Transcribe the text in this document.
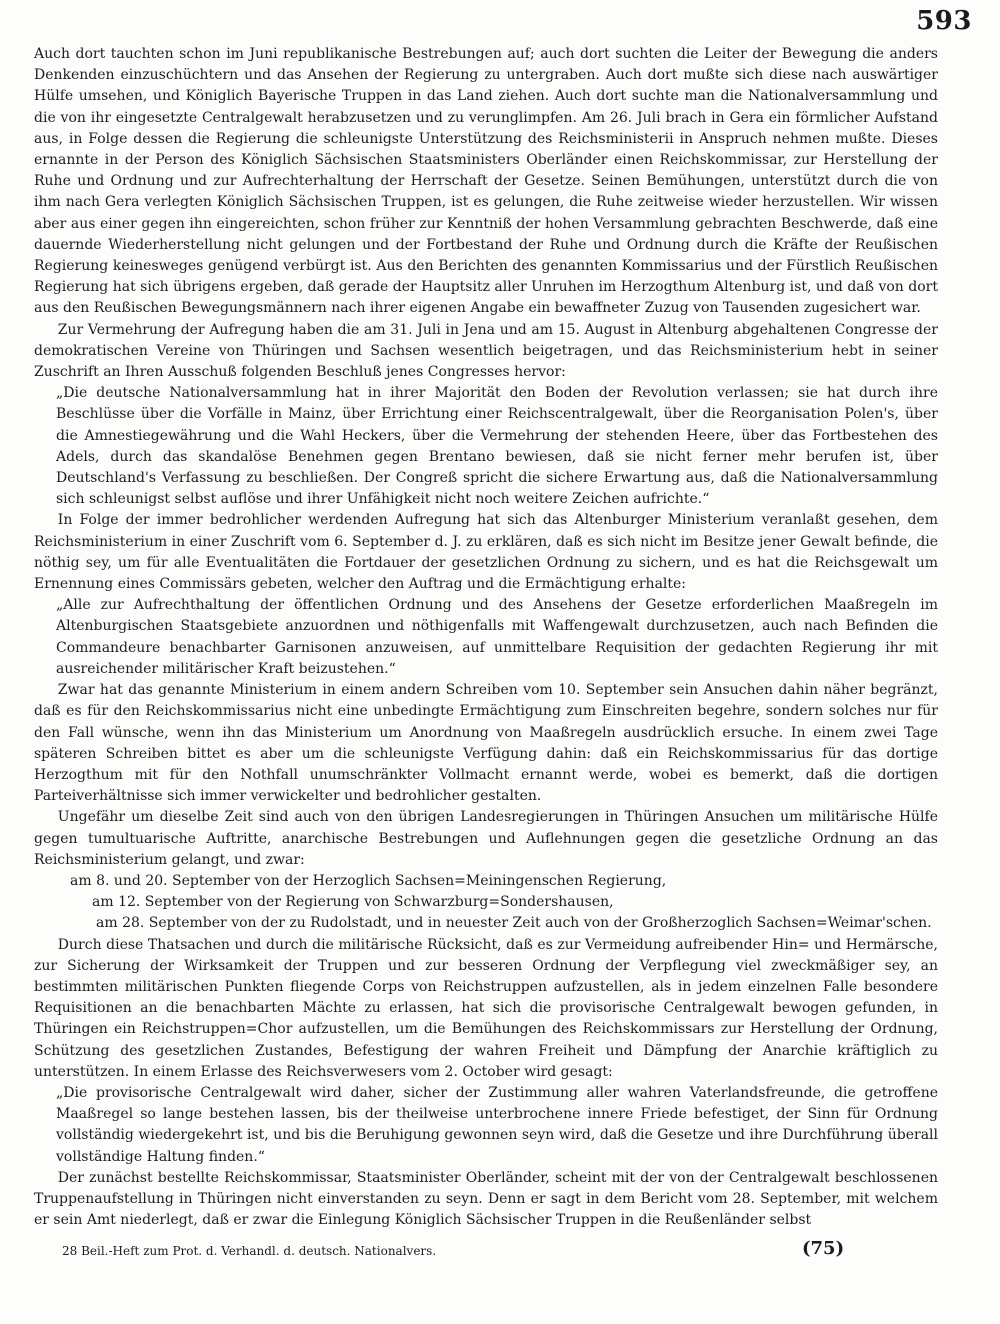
593

Auch dort tauchten schon im Juni republikanische Bestrebungen auf; auch dort suchten die Leiter der Bewegung die anders Denkenden einzuschüchtern und das Ansehen der Regierung zu untergraben. Auch dort mußte sich diese nach auswärtiger Hülfe umsehen, und Königlich Bayerische Truppen in das Land ziehen. Auch dort suchte man die Nationalversammlung und die von ihr eingesetzte Centralgewalt herabzusetzen und zu verunglimpfen. Am 26. Juli brach in Gera ein förmlicher Aufstand aus, in Folge dessen die Regierung die schleunigste Unterstützung des Reichsministerii in Anspruch nehmen mußte. Dieses ernannte in der Person des Königlich Sächsischen Staatsministers Oberländer einen Reichskommissar, zur Herstellung der Ruhe und Ordnung und zur Aufrechterhaltung der Herrschaft der Gesetze. Seinen Bemühungen, unterstützt durch die von ihm nach Gera verlegten Königlich Sächsischen Truppen, ist es gelungen, die Ruhe zeitweise wieder herzustellen. Wir wissen aber aus einer gegen ihn eingereichten, schon früher zur Kenntniß der hohen Versammlung gebrachten Beschwerde, daß eine dauernde Wiederherstellung nicht gelungen und der Fortbestand der Ruhe und Ordnung durch die Kräfte der Reußischen Regierung keinesweges genügend verbürgt ist. Aus den Berichten des genannten Kommissarius und der Fürstlich Reußischen Regierung hat sich übrigens ergeben, daß gerade der Hauptsitz aller Unruhen im Herzogthum Altenburg ist, und daß von dort aus den Reußischen Bewegungsmännern nach ihrer eigenen Angabe ein bewaffneter Zuzug von Tausenden zugesichert war.

Zur Vermehrung der Aufregung haben die am 31. Juli in Jena und am 15. August in Altenburg abgehaltenen Congresse der demokratischen Vereine von Thüringen und Sachsen wesentlich beigetragen, und das Reichsministerium hebt in seiner Zuschrift an Ihren Ausschuß folgenden Beschluß jenes Congresses hervor:

„Die deutsche Nationalversammlung hat in ihrer Majorität den Boden der Revolution verlassen; sie hat durch ihre Beschlüsse über die Vorfälle in Mainz, über Errichtung einer Reichscentralgewalt, über die Reorganisation Polen's, über die Amnestiegewährung und die Wahl Heckers, über die Vermehrung der stehenden Heere, über das Fortbestehen des Adels, durch das skandalöse Benehmen gegen Brentano bewiesen, daß sie nicht ferner mehr berufen ist, über Deutschland's Verfassung zu beschließen. Der Congreß spricht die sichere Erwartung aus, daß die Nationalversammlung sich schleunigst selbst auflöse und ihrer Unfähigkeit nicht noch weitere Zeichen aufrichte.“

In Folge der immer bedrohlicher werdenden Aufregung hat sich das Altenburger Ministerium veranlaßt gesehen, dem Reichsministerium in einer Zuschrift vom 6. September d. J. zu erklären, daß es sich nicht im Besitze jener Gewalt befinde, die nöthig sey, um für alle Eventualitäten die Fortdauer der gesetzlichen Ordnung zu sichern, und es hat die Reichsgewalt um Ernennung eines Commissärs gebeten, welcher den Auftrag und die Ermächtigung erhalte:

„Alle zur Aufrechthaltung der öffentlichen Ordnung und des Ansehens der Gesetze erforderlichen Maaßregeln im Altenburgischen Staatsgebiete anzuordnen und nöthigenfalls mit Waffengewalt durchzusetzen, auch nach Befinden die Commandeure benachbarter Garnisonen anzuweisen, auf unmittelbare Requisition der gedachten Regierung ihr mit ausreichender militärischer Kraft beizustehen.“

Zwar hat das genannte Ministerium in einem andern Schreiben vom 10. September sein Ansuchen dahin näher begränzt, daß es für den Reichskommissarius nicht eine unbedingte Ermächtigung zum Einschreiten begehre, sondern solches nur für den Fall wünsche, wenn ihn das Ministerium um Anordnung von Maaßregeln ausdrücklich ersuche. In einem zwei Tage späteren Schreiben bittet es aber um die schleunigste Verfügung dahin: daß ein Reichskommissarius für das dortige Herzogthum mit für den Nothfall unumschränkter Vollmacht ernannt werde, wobei es bemerkt, daß die dortigen Parteiverhältnisse sich immer verwickelter und bedrohlicher gestalten.

Ungefähr um dieselbe Zeit sind auch von den übrigen Landesregierungen in Thüringen Ansuchen um militärische Hülfe gegen tumultuarische Auftritte, anarchische Bestrebungen und Auflehnungen gegen die gesetzliche Ordnung an das Reichsministerium gelangt, und zwar:

am 8. und 20. September von der Herzoglich Sachsen=Meiningenschen Regierung,

am 12. September von der Regierung von Schwarzburg=Sondershausen,

am 28. September von der zu Rudolstadt, und in neuester Zeit auch von der Großherzoglich Sachsen=Weimar'schen.

Durch diese Thatsachen und durch die militärische Rücksicht, daß es zur Vermeidung aufreibender Hin= und Hermärsche, zur Sicherung der Wirksamkeit der Truppen und zur besseren Ordnung der Verpflegung viel zweckmäßiger sey, an bestimmten militärischen Punkten fliegende Corps von Reichstruppen aufzustellen, als in jedem einzelnen Falle besondere Requisitionen an die benachbarten Mächte zu erlassen, hat sich die provisorische Centralgewalt bewogen gefunden, in Thüringen ein Reichstruppen=Chor aufzustellen, um die Bemühungen des Reichskommissars zur Herstellung der Ordnung, Schützung des gesetzlichen Zustandes, Befestigung der wahren Freiheit und Dämpfung der Anarchie kräftiglich zu unterstützen. In einem Erlasse des Reichsverwesers vom 2. October wird gesagt:

„Die provisorische Centralgewalt wird daher, sicher der Zustimmung aller wahren Vaterlandsfreunde, die getroffene Maaßregel so lange bestehen lassen, bis der theilweise unterbrochene innere Friede befestiget, der Sinn für Ordnung vollständig wiedergekehrt ist, und bis die Beruhigung gewonnen seyn wird, daß die Gesetze und ihre Durchführung überall vollständige Haltung finden.“

Der zunächst bestellte Reichskommissar, Staatsminister Oberländer, scheint mit der von der Centralgewalt beschlossenen Truppenaufstellung in Thüringen nicht einverstanden zu seyn. Denn er sagt in dem Bericht vom 28. September, mit welchem er sein Amt niederlegt, daß er zwar die Einlegung Königlich Sächsischer Truppen in die Reußenländer selbst

28 Beil.-Heft zum Prot. d. Verhandl. d. deutsch. Nationalvers.	(75)
